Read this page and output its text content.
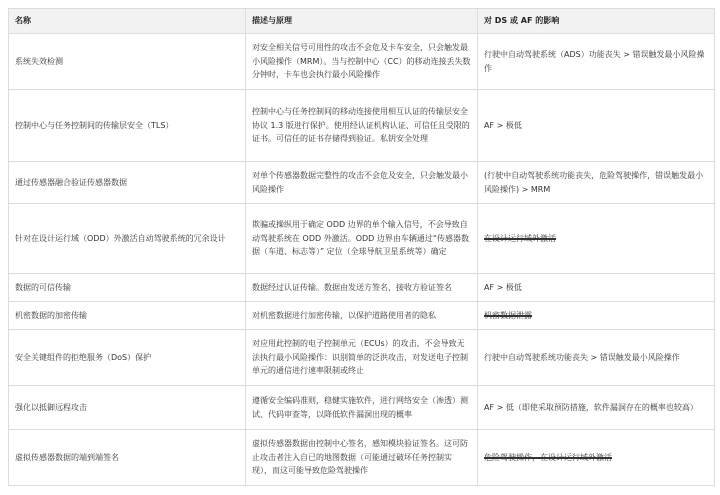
名称	描述与原理	对 DS 或 AF 的影响
系统失效检测	对安全相关信号可用性的攻击不会危及卡车安全，只会触发最小风险操作（MRM）。当与控制中心（CC）的移动连接丢失数分钟时，卡车也会执行最小风险操作	行驶中自动驾驶系统（ADS）功能丧失 > 错误触发最小风险操作
控制中心与任务控制间的传输层安全（TLS）	控制中心与任务控制间的移动连接使用相互认证的传输层安全协议 1.3 版进行保护。使用经认证机构认证、可信任且受限的证书。可信任的证书存储得到验证。私钥安全处理	AF > 极低
通过传感器融合验证传感器数据	对单个传感器数据完整性的攻击不会危及安全，只会触发最小风险操作	(行驶中自动驾驶系统功能丧失，危险驾驶操作，错误触发最小风险操作) > MRM
针对在设计运行域（ODD）外激活自动驾驶系统的冗余设计	欺骗或操纵用于确定 ODD 边界的单个输入信号，不会导致自动驾驶系统在 ODD 外激活。ODD 边界由车辆通过“传感器数据（车道、标志等）” 定位（全球导航卫星系统等）确定	在设计运行域外激活
数据的可信传输	数据经过认证传输。数据由发送方签名，接收方验证签名	AF > 极低
机密数据的加密传输	对机密数据进行加密传输，以保护道路使用者的隐私	机密数据泄露
安全关键组件的拒绝服务（DoS）保护	对应用此控制的电子控制单元（ECUs）的攻击，不会导致无法执行最小风险操作：识别简单的泛洪攻击，对发送电子控制单元的通信进行速率限制或终止	行驶中自动驾驶系统功能丧失 > 错误触发最小风险操作
强化以抵御远程攻击	遵循安全编码准则，稳健实施软件，进行网络安全（渗透）测试、代码审查等，以降低软件漏洞出现的概率	AF > 低（即使采取预防措施，软件漏洞存在的概率也较高）
虚拟传感器数据的端到端签名	虚拟传感器数据由控制中心签名，感知模块验证签名。这可防止攻击者注入自已的地图数据（可能通过破坏任务控制实现），而这可能导致危险驾驶操作	危险驾驶操作，在设计运行域外激活
